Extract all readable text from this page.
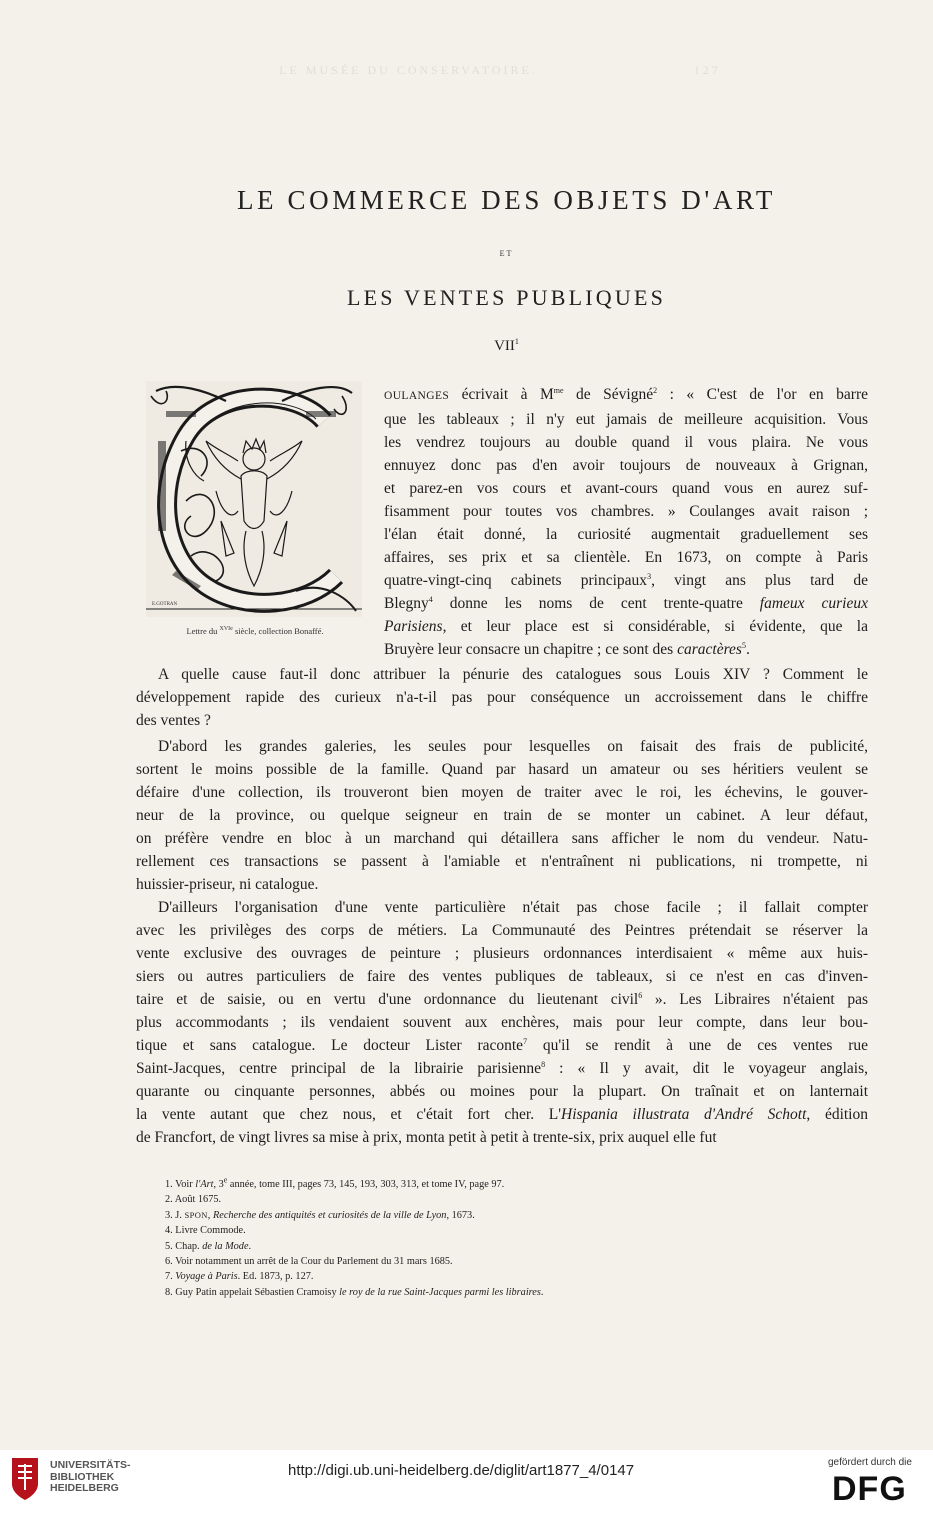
LE MUSÉE DU CONSERVATOIRE.	127
LE COMMERCE DES OBJETS D'ART
ET
LES VENTES PUBLIQUES
VII$^1$
E.GOTRAN
Lettre du $^{XVIe}$ siècle, collection Bonaffé.
OULANGES écrivait à $M^{me}$ de Sévigné$^2$ : « C'est de l'or en barre
que les tableaux ; il n'y eut jamais de meilleure acquisition. Vous
les vendrez toujours au double quand il vous plaira. Ne vous
ennuyez donc pas d'en avoir toujours de nouveaux à Grignan,
et parez-en vos cours et avant-cours quand vous en aurez suf-
fisamment pour toutes vos chambres. » Coulanges avait raison ;
l'élan était donné, la curiosité augmentait graduellement ses
affaires, ses prix et sa clientèle. En 1673, on compte à Paris
quatre-vingt-cinq cabinets principaux$^3$, vingt ans plus tard de
Blegny$^4$ donne les noms de cent trente-quatre fameux curieux
Parisiens, et leur place est si considérable, si évidente, que la
Bruyère leur consacre un chapitre ; ce sont des caractères$^5$.
A quelle cause faut-il donc attribuer la pénurie des catalogues sous Louis XIV ? Comment le
développement rapide des curieux n'a-t-il pas pour conséquence un accroissement dans le chiffre
des ventes ?
D'abord les grandes galeries, les seules pour lesquelles on faisait des frais de publicité,
sortent le moins possible de la famille. Quand par hasard un amateur ou ses héritiers veulent se
défaire d'une collection, ils trouveront bien moyen de traiter avec le roi, les échevins, le gouver-
neur de la province, ou quelque seigneur en train de se monter un cabinet. A leur défaut,
on préfère vendre en bloc à un marchand qui détaillera sans afficher le nom du vendeur. Natu-
rellement ces transactions se passent à l'amiable et n'entraînent ni publications, ni trompette, ni
huissier-priseur, ni catalogue.
D'ailleurs l'organisation d'une vente particulière n'était pas chose facile ; il fallait compter
avec les privilèges des corps de métiers. La Communauté des Peintres prétendait se réserver la
vente exclusive des ouvrages de peinture ; plusieurs ordonnances interdisaient « même aux huis-
siers ou autres particuliers de faire des ventes publiques de tableaux, si ce n'est en cas d'inven-
taire et de saisie, ou en vertu d'une ordonnance du lieutenant civil$^6$ ». Les Libraires n'étaient pas
plus accommodants ; ils vendaient souvent aux enchères, mais pour leur compte, dans leur bou-
tique et sans catalogue. Le docteur Lister raconte$^7$ qu'il se rendit à une de ces ventes rue
Saint-Jacques, centre principal de la librairie parisienne$^8$ : « Il y avait, dit le voyageur anglais,
quarante ou cinquante personnes, abbés ou moines pour la plupart. On traînait et on lanternait
la vente autant que chez nous, et c'était fort cher. L'Hispania illustrata d'André Schott, édition
de Francfort, de vingt livres sa mise à prix, monta petit à petit à trente-six, prix auquel elle fut
1. Voir l'Art, 3e année, tome III, pages 73, 145, 193, 303, 313, et tome IV, page 97.
2. Août 1675.
3. J. SPON, Recherche des antiquités et curiosités de la ville de Lyon, 1673.
4. Livre Commode.
5. Chap. de la Mode.
6. Voir notamment un arrêt de la Cour du Parlement du 31 mars 1685.
7. Voyage à Paris. Ed. 1873, p. 127.
8. Guy Patin appelait Sébastien Cramoisy le roy de la rue Saint-Jacques parmi les libraires.
UNIVERSITÄTS-
BIBLIOTHEK
HEIDELBERG
http://digi.ub.uni-heidelberg.de/diglit/art1877_4/0147	gefördert durch die
DFG
